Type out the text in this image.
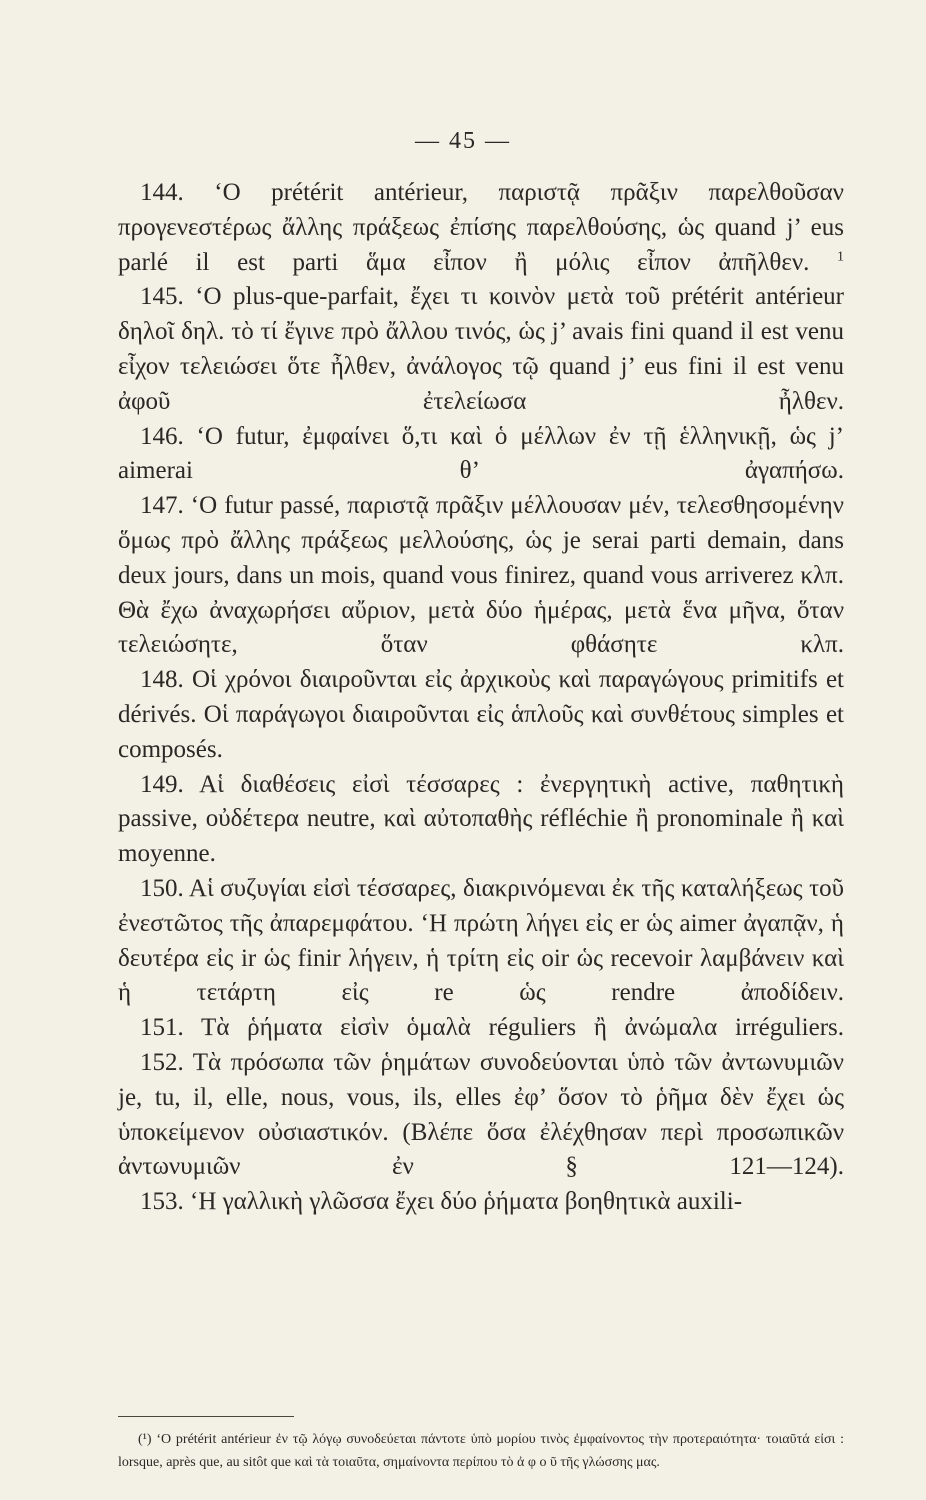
— 45 —

144. ‘Ο prétérit antérieur, παριστᾷ πρᾶξιν παρελθοῦσαν προγενεστέρως ἄλλης πράξεως ἐπίσης παρελθούσης, ὡς quand j’ eus parlé il est parti ἅμα εἶπον ἢ μόλις εἶπον ἀπῆλθεν. $^1$

145. ‘Ο plus-que-parfait, ἔχει τι κοινὸν μετὰ τοῦ prétérit antérieur δηλοῖ δηλ. τὸ τί ἔγινε πρὸ ἄλλου τινός, ὡς j’ avais fini quand il est venu εἶχον τελειώσει ὅτε ἦλθεν, ἀνάλογος τῷ quand j’ eus fini il est venu ἀφοῦ ἐτελείωσα ἦλθεν.

146. ‘Ο futur, ἐμφαίνει ὅ,τι καὶ ὁ μέλλων ἐν τῇ ἑλληνικῇ, ὡς j’ aimerai θ’ ἀγαπήσω.

147. ‘Ο futur passé, παριστᾷ πρᾶξιν μέλλουσαν μέν, τελεσθησομένην ὅμως πρὸ ἄλλης πράξεως μελλούσης, ὡς je serai parti demain, dans deux jours, dans un mois, quand vous finirez, quand vous arriverez κλπ. Θὰ ἔχω ἀναχωρήσει αὔριον, μετὰ δύο ἡμέρας, μετὰ ἕνα μῆνα, ὅταν τελειώσητε, ὅταν φθάσητε κλπ.

148. Οἱ χρόνοι διαιροῦνται εἰς ἀρχικοὺς καὶ παραγώγους primitifs et dérivés. Οἱ παράγωγοι διαιροῦνται εἰς ἁπλοῦς καὶ συνθέτους simples et composés.

149. Αἱ διαθέσεις εἰσὶ τέσσαρες : ἐνεργητικὴ active, παθητικὴ passive, οὐδέτερα neutre, καὶ αὐτοπαθὴς réfléchie ἢ pronominale ἢ καὶ moyenne.

150. Αἱ συζυγίαι εἰσὶ τέσσαρες, διακρινόμεναι ἐκ τῆς καταλήξεως τοῦ ἐνεστῶτος τῆς ἀπαρεμφάτου. ‘Η πρώτη λήγει εἰς er ὡς aimer ἀγαπᾷν, ἡ δευτέρα εἰς ir ὡς finir λήγειν, ἡ τρίτη εἰς oir ὡς recevoir λαμβάνειν καὶ ἡ τετάρτη εἰς re ὡς rendre ἀποδίδειν.

151. Τὰ ῥήματα εἰσὶν ὁμαλὰ réguliers ἢ ἀνώμαλα irréguliers.

152. Τὰ πρόσωπα τῶν ῥημάτων συνοδεύονται ὑπὸ τῶν ἀντωνυμιῶν je, tu, il, elle, nous, vous, ils, elles ἐφ’ ὅσον τὸ ῥῆμα δὲν ἔχει ὡς ὑποκείμενον οὐσιαστικόν. (Βλέπε ὅσα ἐλέχθησαν περὶ προσωπικῶν ἀντωνυμιῶν ἐν § 121—124).

153. ‘Η γαλλικὴ γλῶσσα ἔχει δύο ῥήματα βοηθητικὰ auxili-

(¹) ‘Ο prétérit antérieur ἐν τῷ λόγῳ συνοδεύεται πάντοτε ὑπὸ μορίου τινὸς ἐμφαίνοντος τὴν προτεραιότητα· τοιαῦτά εἰσι : lorsque, après que, au sitôt que καὶ τὰ τοιαῦτα, σημαίνοντα περίπου τὸ ἀ φ ο ῦ τῆς γλώσσης μας.
